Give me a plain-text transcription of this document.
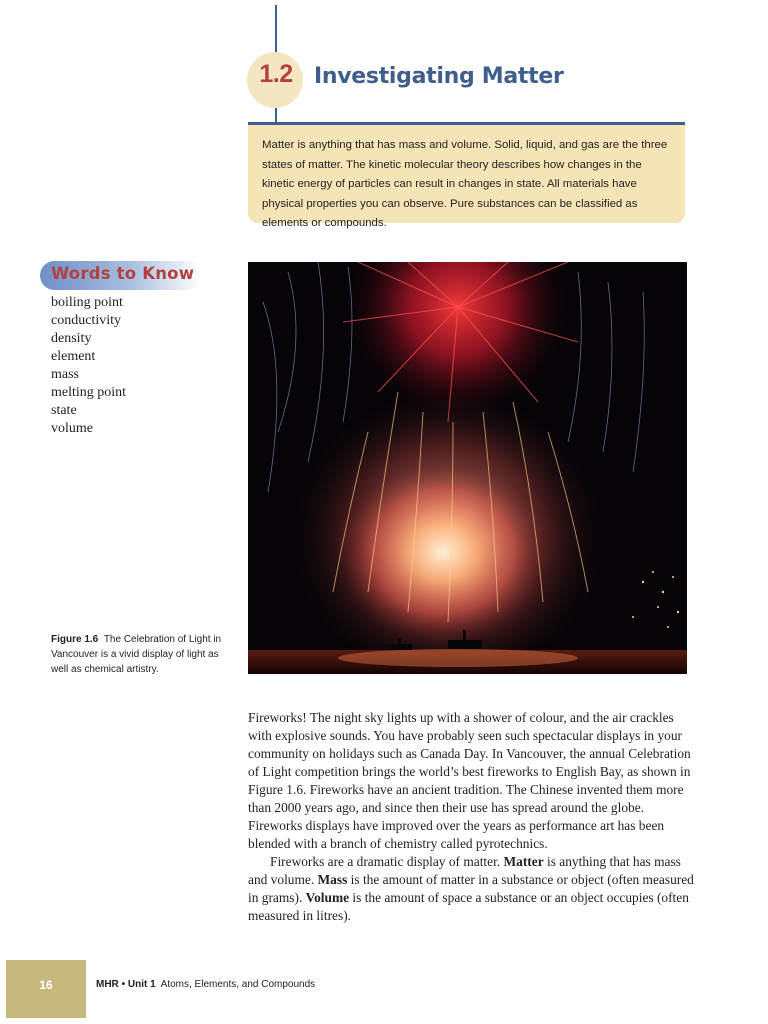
1.2 Investigating Matter
Matter is anything that has mass and volume. Solid, liquid, and gas are the three states of matter. The kinetic molecular theory describes how changes in the kinetic energy of particles can result in changes in state. All materials have physical properties you can observe. Pure substances can be classified as elements or compounds.
Words to Know
boiling point
conductivity
density
element
mass
melting point
state
volume
Figure 1.6 The Celebration of Light in Vancouver is a vivid display of light as well as chemical artistry.

Fireworks! The night sky lights up with a shower of colour, and the air crackles with explosive sounds. You have probably seen such spectacular displays in your community on holidays such as Canada Day. In Vancouver, the annual Celebration of Light competition brings the world’s best fireworks to English Bay, as shown in Figure 1.6. Fireworks have an ancient tradition. The Chinese invented them more than 2000 years ago, and since then their use has spread around the globe. Fireworks displays have improved over the years as performance art has been blended with a branch of chemistry called pyrotechnics.

Fireworks are a dramatic display of matter. Matter is anything that has mass and volume. Mass is the amount of matter in a substance or object (often measured in grams). Volume is the amount of space a substance or an object occupies (often measured in litres).

16	MHR • Unit 1 Atoms, Elements, and Compounds
